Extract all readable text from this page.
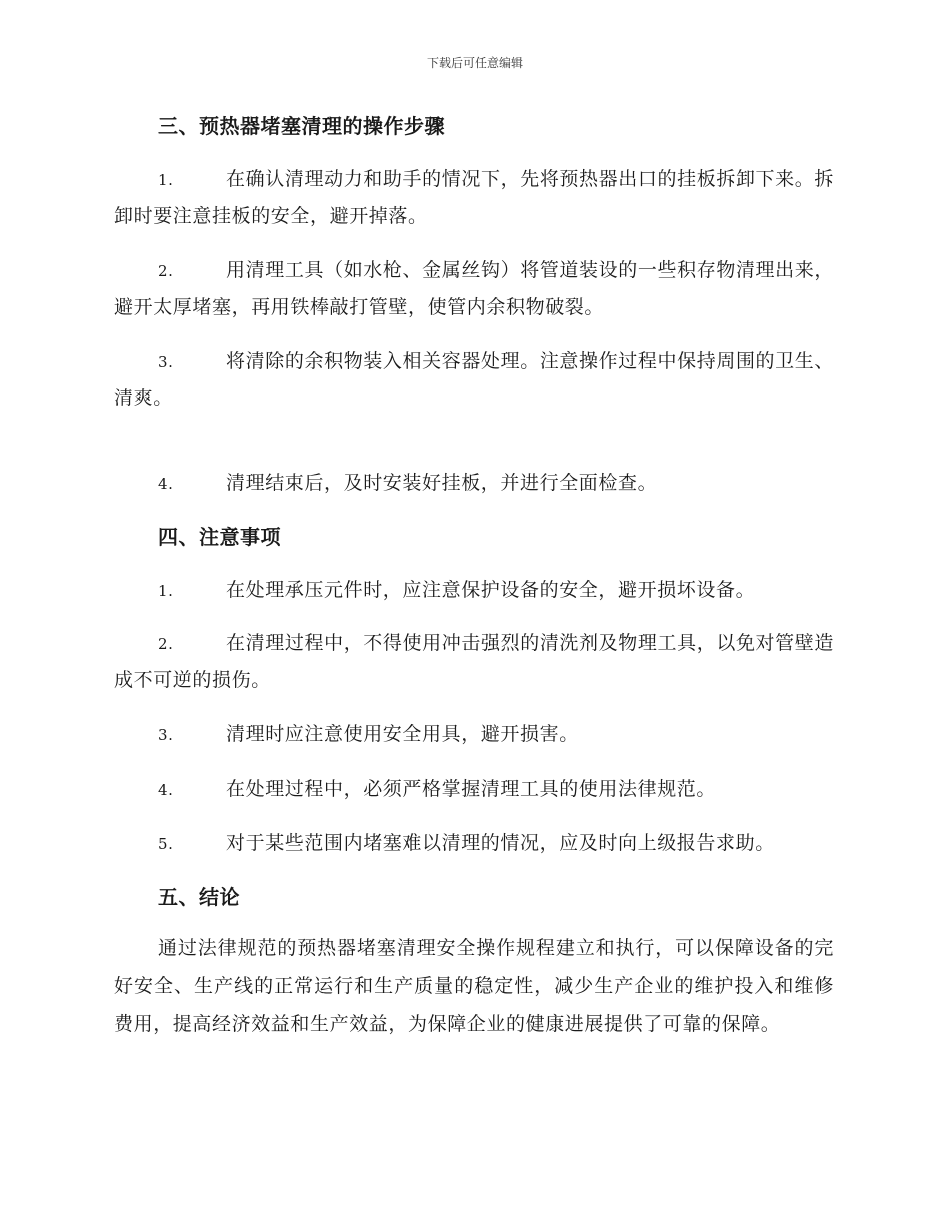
下载后可任意编辑
三、预热器堵塞清理的操作步骤
1.	在确认清理动力和助手的情况下，先将预热器出口的挂板拆卸下来。拆卸时要注意挂板的安全，避开掉落。
2.	用清理工具（如水枪、金属丝钩）将管道装设的一些积存物清理出来，避开太厚堵塞，再用铁棒敲打管壁，使管内余积物破裂。
3.	将清除的余积物装入相关容器处理。注意操作过程中保持周围的卫生、清爽。
4.	清理结束后，及时安装好挂板，并进行全面检查。
四、注意事项
1.	在处理承压元件时，应注意保护设备的安全，避开损坏设备。
2.	在清理过程中，不得使用冲击强烈的清洗剂及物理工具，以免对管壁造成不可逆的损伤。
3.	清理时应注意使用安全用具，避开损害。
4.	在处理过程中，必须严格掌握清理工具的使用法律规范。
5.	对于某些范围内堵塞难以清理的情况，应及时向上级报告求助。
五、结论
通过法律规范的预热器堵塞清理安全操作规程建立和执行，可以保障设备的完好安全、生产线的正常运行和生产质量的稳定性，减少生产企业的维护投入和维修费用，提高经济效益和生产效益，为保障企业的健康进展提供了可靠的保障。
